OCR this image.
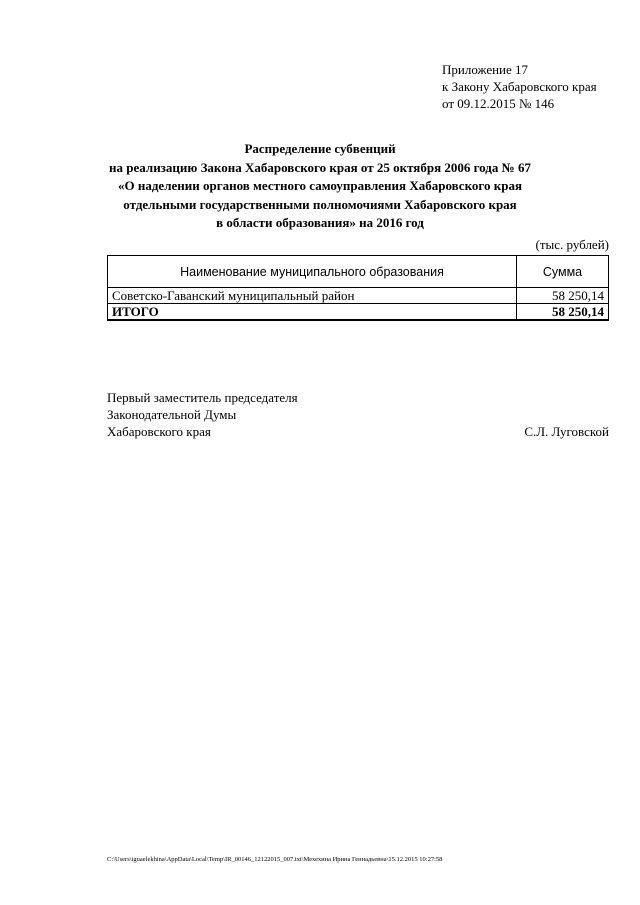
Приложение 17
к Закону Хабаровского края
от 09.12.2015 № 146
Распределение субвенций
на реализацию Закона Хабаровского края от 25 октября 2006 года № 67
«О наделении органов местного самоуправления Хабаровского края
отдельными государственными полномочиями Хабаровского края
в области образования» на 2016 год
(тыс. рублей)
Наименование муниципального образования	Сумма
Советско-Гаванский муниципальный район	58 250,14
ИТОГО	58 250,14
Первый заместитель председателя
Законодательной Думы
Хабаровского края	С.Л. Луговской
C:\Users\iguaelekhina\AppData\Local\Temp\IR_00146_12122015_007.txt\Мехехина Ирина Геннадьевна\15.12.2015 10:27:58
